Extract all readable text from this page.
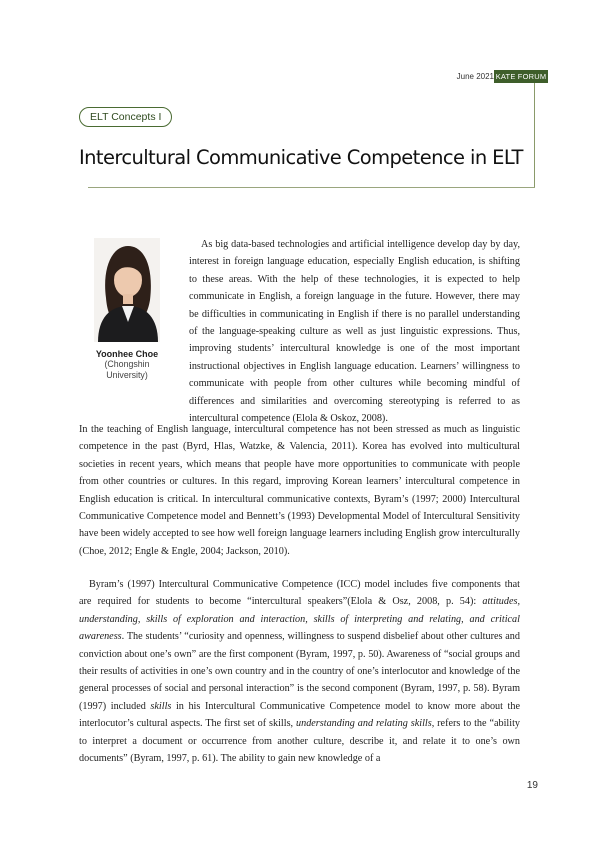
June 2021 KATE FORUM
ELT Concepts I
Intercultural Communicative Competence in ELT
Yoonhee Choe
(Chongshin University)

As big data-based technologies and artificial intelligence develop day by day, interest in foreign language education, especially English education, is shifting to these areas. With the help of these technologies, it is expected to help communicate in English, a foreign language in the future. However, there may be difficulties in communicating in English if there is no parallel understanding of the language-speaking culture as well as just linguistic expressions. Thus, improving students’ intercultural knowledge is one of the most important instructional objectives in English language education. Learners’ willingness to communicate with people from other cultures while becoming mindful of differences and similarities and overcoming stereotyping is referred to as intercultural competence (Elola & Oskoz, 2008).

In the teaching of English language, intercultural competence has not been stressed as much as linguistic competence in the past (Byrd, Hlas, Watzke, & Valencia, 2011). Korea has evolved into multicultural societies in recent years, which means that people have more opportunities to communicate with people from other countries or cultures. In this regard, improving Korean learners’ intercultural competence in English education is critical. In intercultural communicative contexts, Byram’s (1997; 2000) Intercultural Communicative Competence model and Bennett’s (1993) Developmental Model of Intercultural Sensitivity have been widely accepted to see how well foreign language learners including English grow interculturally (Choe, 2012; Engle & Engle, 2004; Jackson, 2010).

Byram’s (1997) Intercultural Communicative Competence (ICC) model includes five components that are required for students to become “intercultural speakers”(Elola & Osz, 2008, p. 54): attitudes, understanding, skills of exploration and interaction, skills of interpreting and relating, and critical awareness. The students’ “curiosity and openness, willingness to suspend disbelief about other cultures and conviction about one’s own” are the first component (Byram, 1997, p. 50). Awareness of “social groups and their results of activities in one’s own country and in the country of one’s interlocutor and knowledge of the general processes of social and personal interaction” is the second component (Byram, 1997, p. 58). Byram (1997) included skills in his Intercultural Communicative Competence model to know more about the interlocutor’s cultural aspects. The first set of skills, understanding and relating skills, refers to the “ability to interpret a document or occurrence from another culture, describe it, and relate it to one’s own documents” (Byram, 1997, p. 61). The ability to gain new knowledge of a

19
